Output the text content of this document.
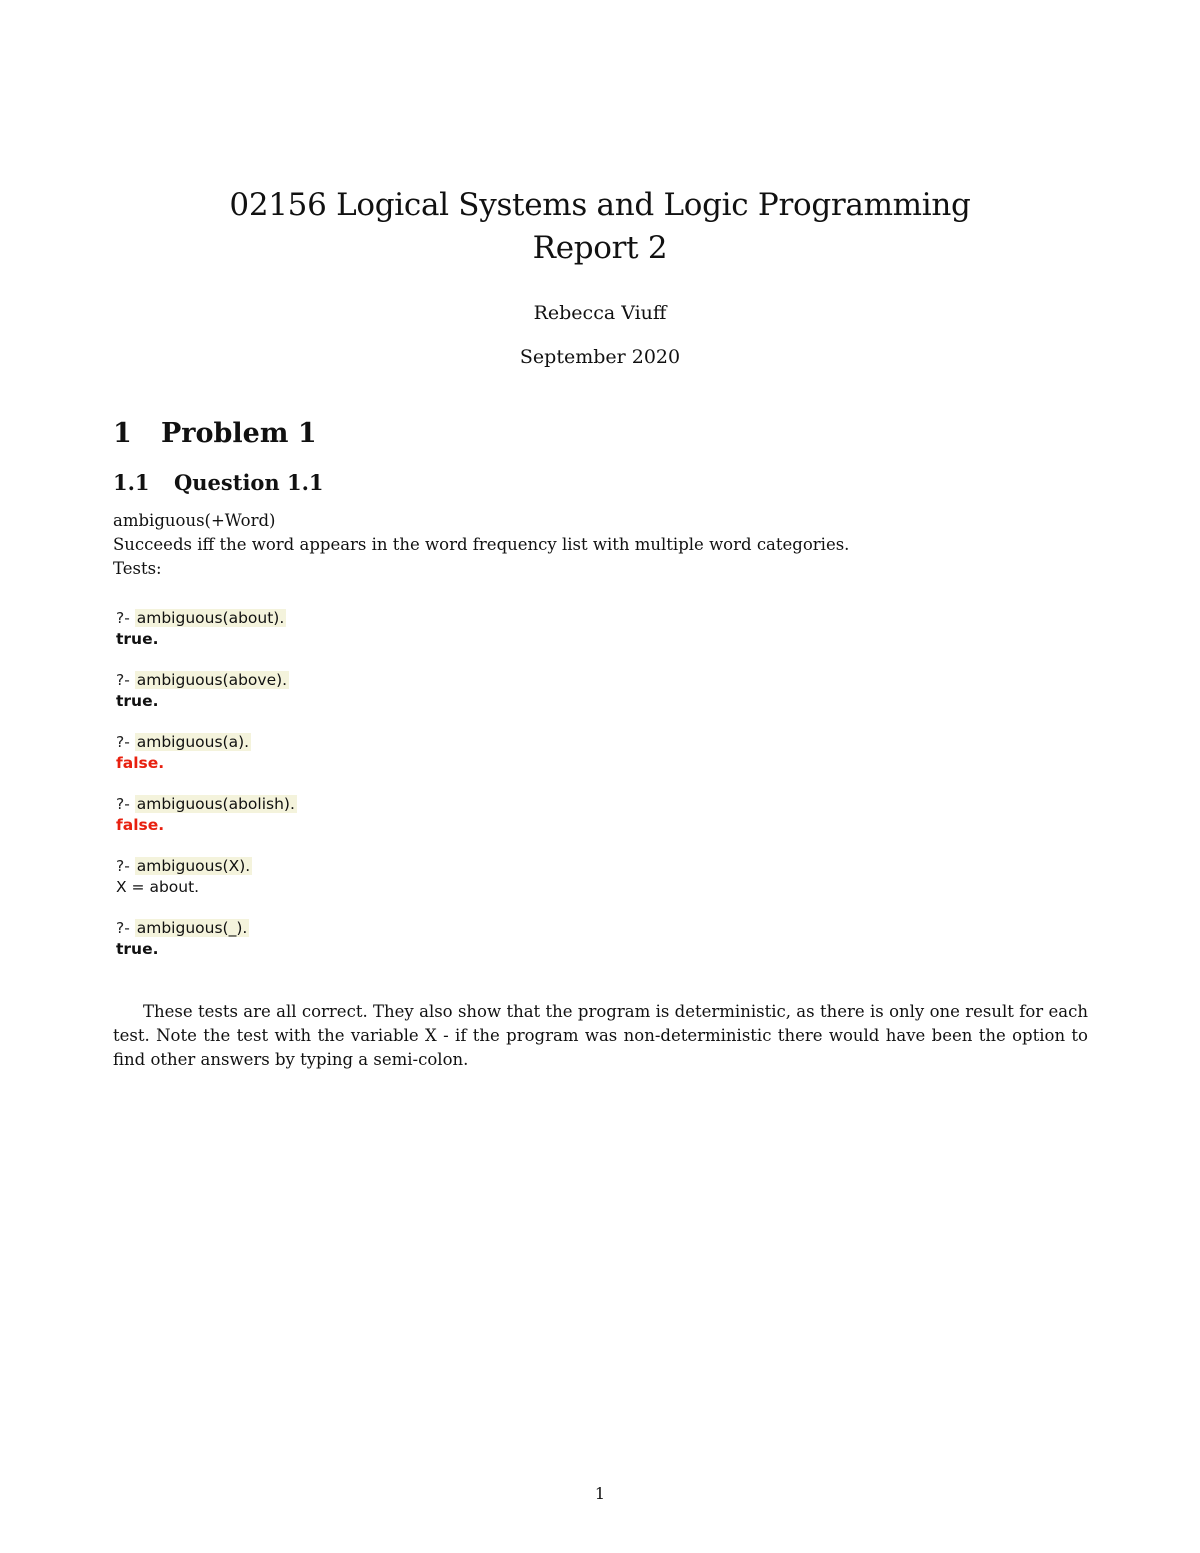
02156 Logical Systems and Logic Programming
Report 2
Rebecca Viuff
September 2020
1 Problem 1
1.1 Question 1.1
ambiguous(+Word)
Succeeds iff the word appears in the word frequency list with multiple word categories.
Tests:
?- ambiguous(about).
true.
?- ambiguous(above).
true.
?- ambiguous(a).
false.
?- ambiguous(abolish).
false.
?- ambiguous(X).
X = about.
?- ambiguous(_).
true.
These tests are all correct. They also show that the program is deterministic, as there is only one result for each test. Note the test with the variable X - if the program was non-deterministic there would have been the option to find other answers by typing a semi-colon.
1
